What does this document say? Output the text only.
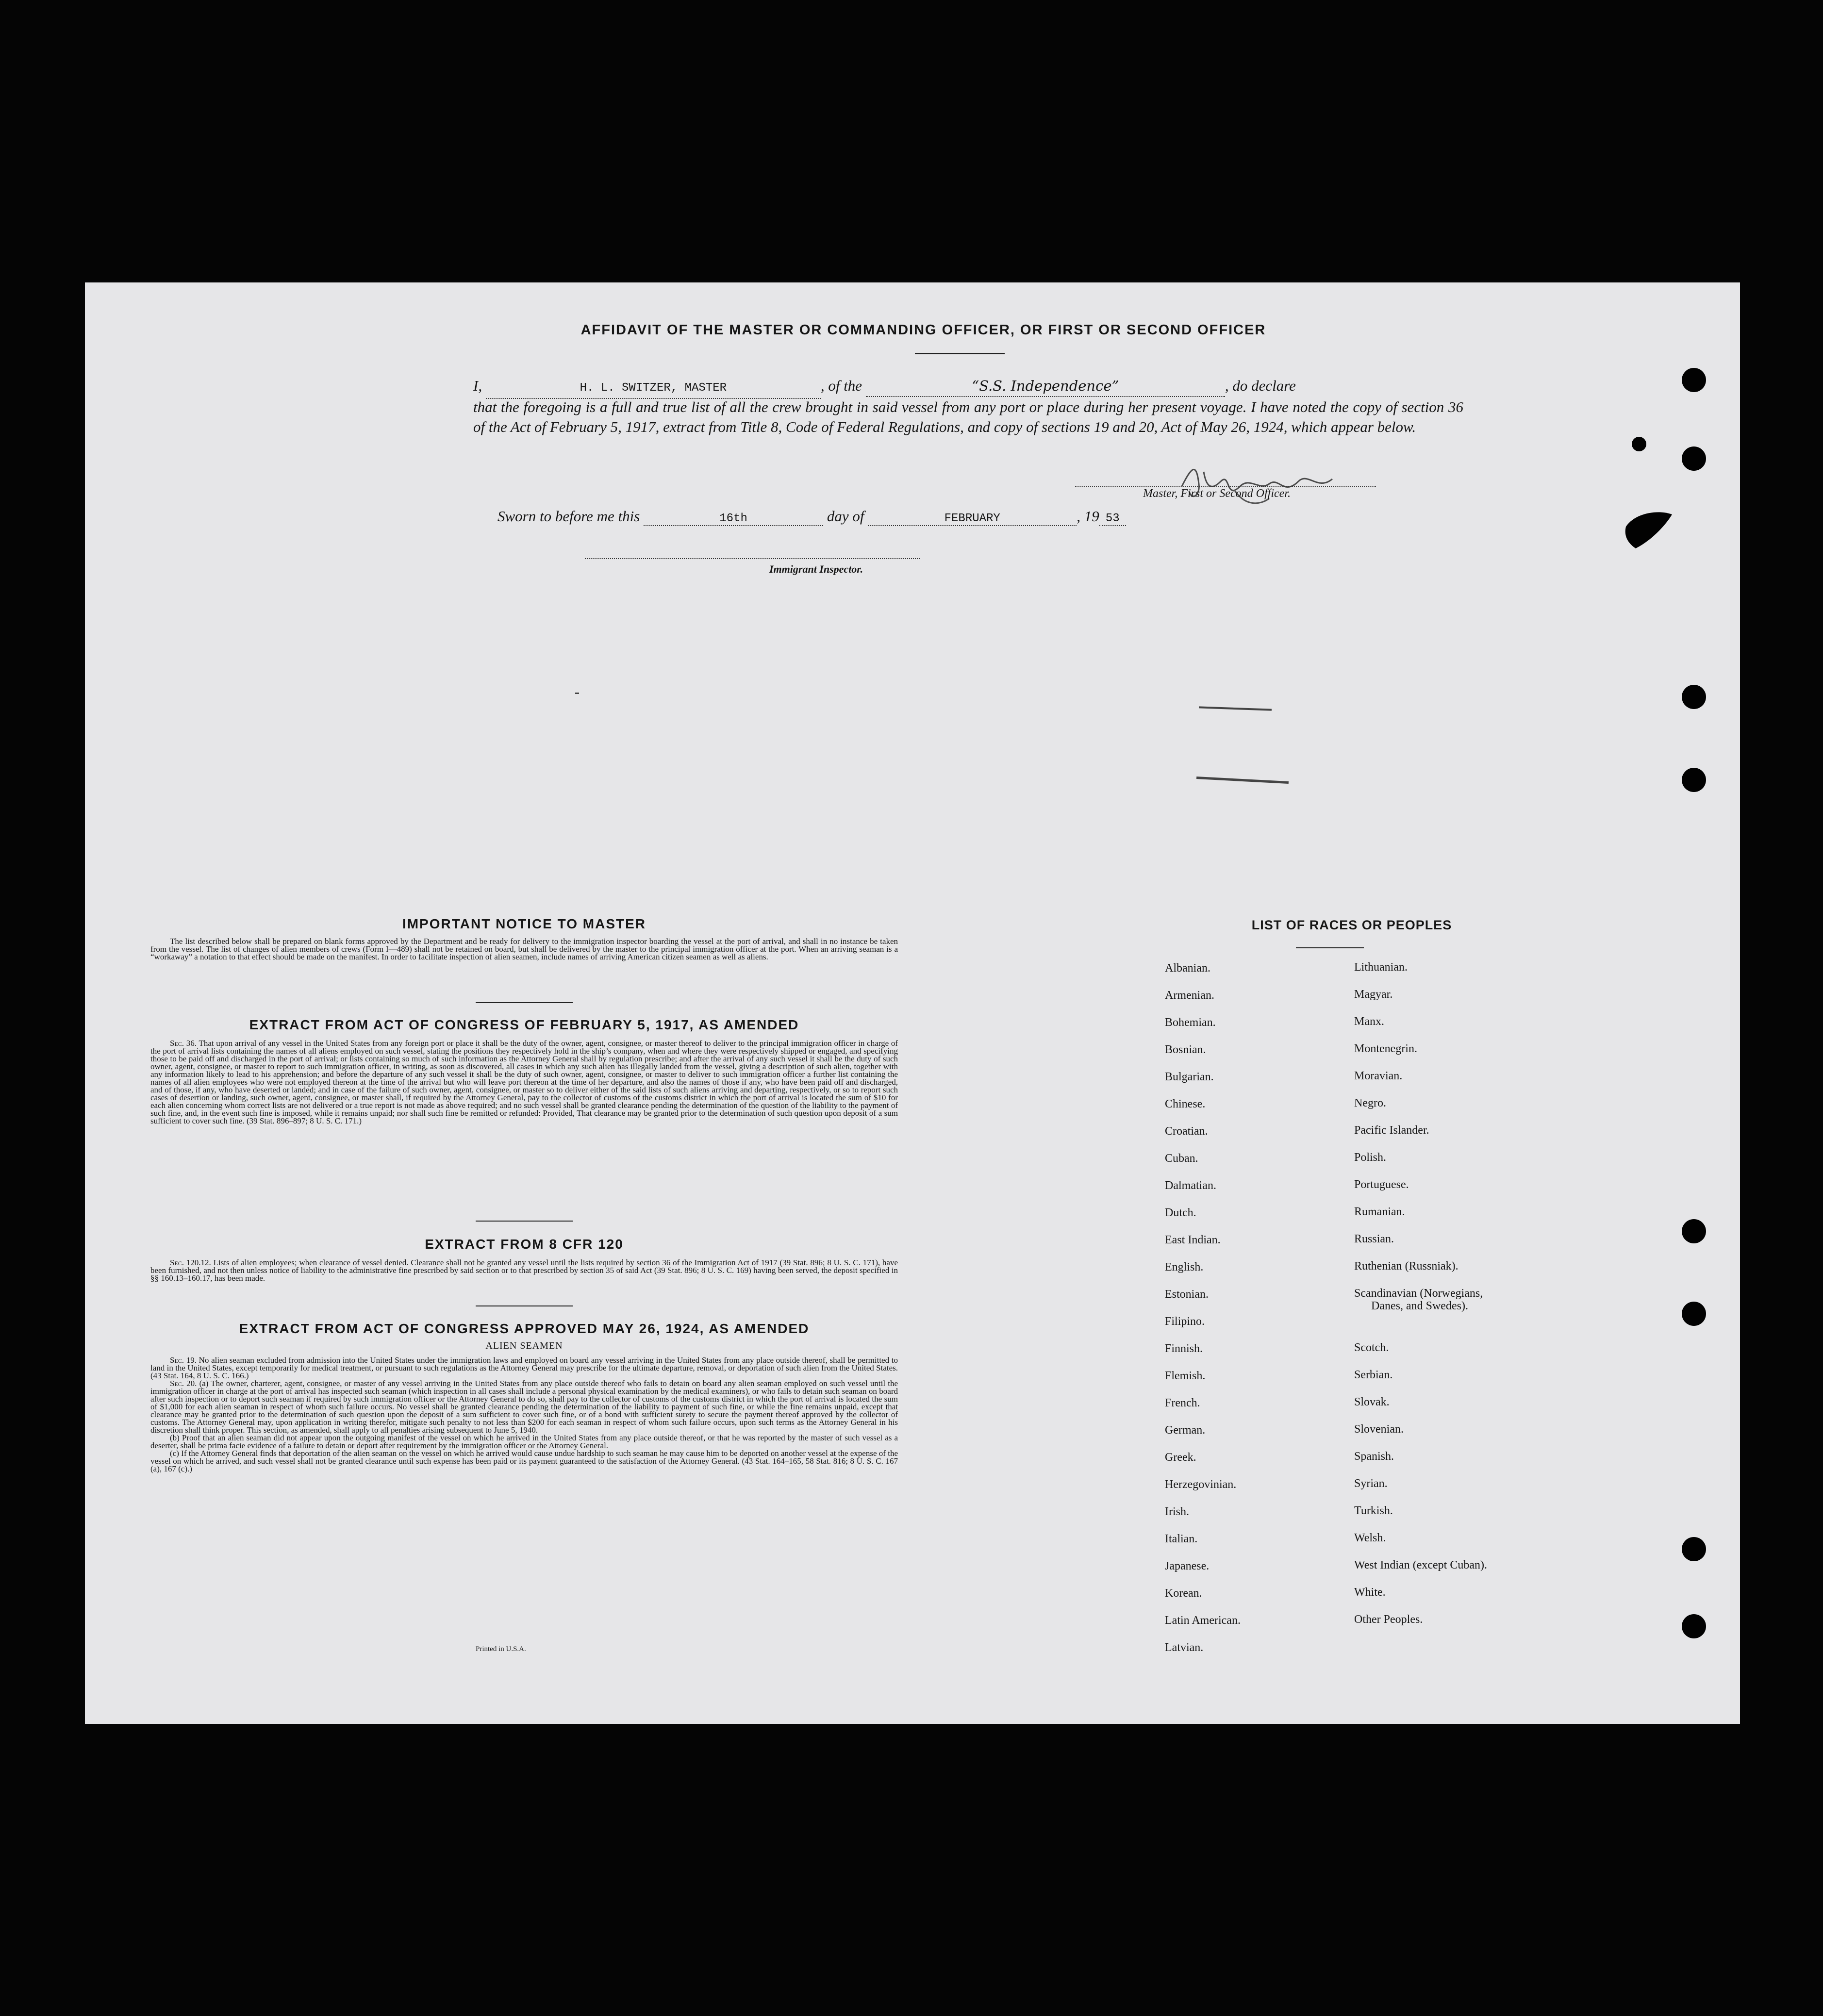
AFFIDAVIT OF THE MASTER OR COMMANDING OFFICER, OR FIRST OR SECOND OFFICER
I,	H. L. SWITZER, MASTER	, of the	“S.S. Independence”	, do declare
that the foregoing is a full and true list of all the crew brought in said vessel from any port or place during her present voyage. I have noted the copy of section 36 of the Act of February 5, 1917, extract from Title 8, Code of Federal Regulations, and copy of sections 19 and 20, Act of May 26, 1924, which appear below.
Master, First or Second Officer.
Sworn to before me this	16th	day of	FEBRUARY	, 19 53
Immigrant Inspector.
IMPORTANT NOTICE TO MASTER

The list described below shall be prepared on blank forms approved by the Department and be ready for delivery to the immigration inspector boarding the vessel at the port of arrival, and shall in no instance be taken from the vessel. The list of changes of alien members of crews (Form I—489) shall not be retained on board, but shall be delivered by the master to the principal immigration officer at the port. When an arriving seaman is a “workaway” a notation to that effect should be made on the manifest. In order to facilitate inspection of alien seamen, include names of arriving American citizen seamen as well as aliens.

EXTRACT FROM ACT OF CONGRESS OF FEBRUARY 5, 1917, AS AMENDED

Sec. 36. That upon arrival of any vessel in the United States from any foreign port or place it shall be the duty of the owner, agent, consignee, or master thereof to deliver to the principal immigration officer in charge of the port of arrival lists containing the names of all aliens employed on such vessel, stating the positions they respectively hold in the ship’s company, when and where they were respectively shipped or engaged, and specifying those to be paid off and discharged in the port of arrival; or lists containing so much of such information as the Attorney General shall by regulation prescribe; and after the arrival of any such vessel it shall be the duty of such owner, agent, consignee, or master to report to such immigration officer, in writing, as soon as discovered, all cases in which any such alien has illegally landed from the vessel, giving a description of such alien, together with any information likely to lead to his apprehension; and before the departure of any such vessel it shall be the duty of such owner, agent, consignee, or master to deliver to such immigration officer a further list containing the names of all alien employees who were not employed thereon at the time of the arrival but who will leave port thereon at the time of her departure, and also the names of those if any, who have been paid off and discharged, and of those, if any, who have deserted or landed; and in case of the failure of such owner, agent, consignee, or master so to deliver either of the said lists of such aliens arriving and departing, respectively, or so to report such cases of desertion or landing, such owner, agent, consignee, or master shall, if required by the Attorney General, pay to the collector of customs of the customs district in which the port of arrival is located the sum of $10 for each alien concerning whom correct lists are not delivered or a true report is not made as above required; and no such vessel shall be granted clearance pending the determination of the question of the liability to the payment of such fine, and, in the event such fine is imposed, while it remains unpaid; nor shall such fine be remitted or refunded: Provided, That clearance may be granted prior to the determination of such question upon deposit of a sum sufficient to cover such fine. (39 Stat. 896–897; 8 U. S. C. 171.)

EXTRACT FROM 8 CFR 120

Sec. 120.12. Lists of alien employees; when clearance of vessel denied. Clearance shall not be granted any vessel until the lists required by section 36 of the Immigration Act of 1917 (39 Stat. 896; 8 U. S. C. 171), have been furnished, and not then unless notice of liability to the administrative fine prescribed by said section or to that prescribed by section 35 of said Act (39 Stat. 896; 8 U. S. C. 169) having been served, the deposit specified in §§ 160.13–160.17, has been made.

EXTRACT FROM ACT OF CONGRESS APPROVED MAY 26, 1924, AS AMENDED
ALIEN SEAMEN

Sec. 19. No alien seaman excluded from admission into the United States under the immigration laws and employed on board any vessel arriving in the United States from any place outside thereof, shall be permitted to land in the United States, except temporarily for medical treatment, or pursuant to such regulations as the Attorney General may prescribe for the ultimate departure, removal, or deportation of such alien from the United States. (43 Stat. 164, 8 U. S. C. 166.)

Sec. 20. (a) The owner, charterer, agent, consignee, or master of any vessel arriving in the United States from any place outside thereof who fails to detain on board any alien seaman employed on such vessel until the immigration officer in charge at the port of arrival has inspected such seaman (which inspection in all cases shall include a personal physical examination by the medical examiners), or who fails to detain such seaman on board after such inspection or to deport such seaman if required by such immigration officer or the Attorney General to do so, shall pay to the collector of customs of the customs district in which the port of arrival is located the sum of $1,000 for each alien seaman in respect of whom such failure occurs. No vessel shall be granted clearance pending the determination of the liability to payment of such fine, or while the fine remains unpaid, except that clearance may be granted prior to the determination of such question upon the deposit of a sum sufficient to cover such fine, or of a bond with sufficient surety to secure the payment thereof approved by the collector of customs. The Attorney General may, upon application in writing therefor, mitigate such penalty to not less than $200 for each seaman in respect of whom such failure occurs, upon such terms as the Attorney General in his discretion shall think proper. This section, as amended, shall apply to all penalties arising subsequent to June 5, 1940.

(b) Proof that an alien seaman did not appear upon the outgoing manifest of the vessel on which he arrived in the United States from any place outside thereof, or that he was reported by the master of such vessel as a deserter, shall be prima facie evidence of a failure to detain or deport after requirement by the immigration officer or the Attorney General.

(c) If the Attorney General finds that deportation of the alien seaman on the vessel on which he arrived would cause undue hardship to such seaman he may cause him to be deported on another vessel at the expense of the vessel on which he arrived, and such vessel shall not be granted clearance until such expense has been paid or its payment guaranteed to the satisfaction of the Attorney General. (43 Stat. 164–165, 58 Stat. 816; 8 U. S. C. 167 (a), 167 (c).)

Printed in U.S.A.
LIST OF RACES OR PEOPLES
Albanian.
Armenian.
Bohemian.
Bosnian.
Bulgarian.
Chinese.
Croatian.
Cuban.
Dalmatian.
Dutch.
East Indian.
English.
Estonian.
Filipino.
Finnish.
Flemish.
French.
German.
Greek.
Herzegovinian.
Irish.
Italian.
Japanese.
Korean.
Latin American.
Latvian.
Lithuanian.
Magyar.
Manx.
Montenegrin.
Moravian.
Negro.
Pacific Islander.
Polish.
Portuguese.
Rumanian.
Russian.
Ruthenian (Russniak).
Scandinavian (Norwegians,
Danes, and Swedes).
Scotch.
Serbian.
Slovak.
Slovenian.
Spanish.
Syrian.
Turkish.
Welsh.
West Indian (except Cuban).
White.
Other Peoples.
